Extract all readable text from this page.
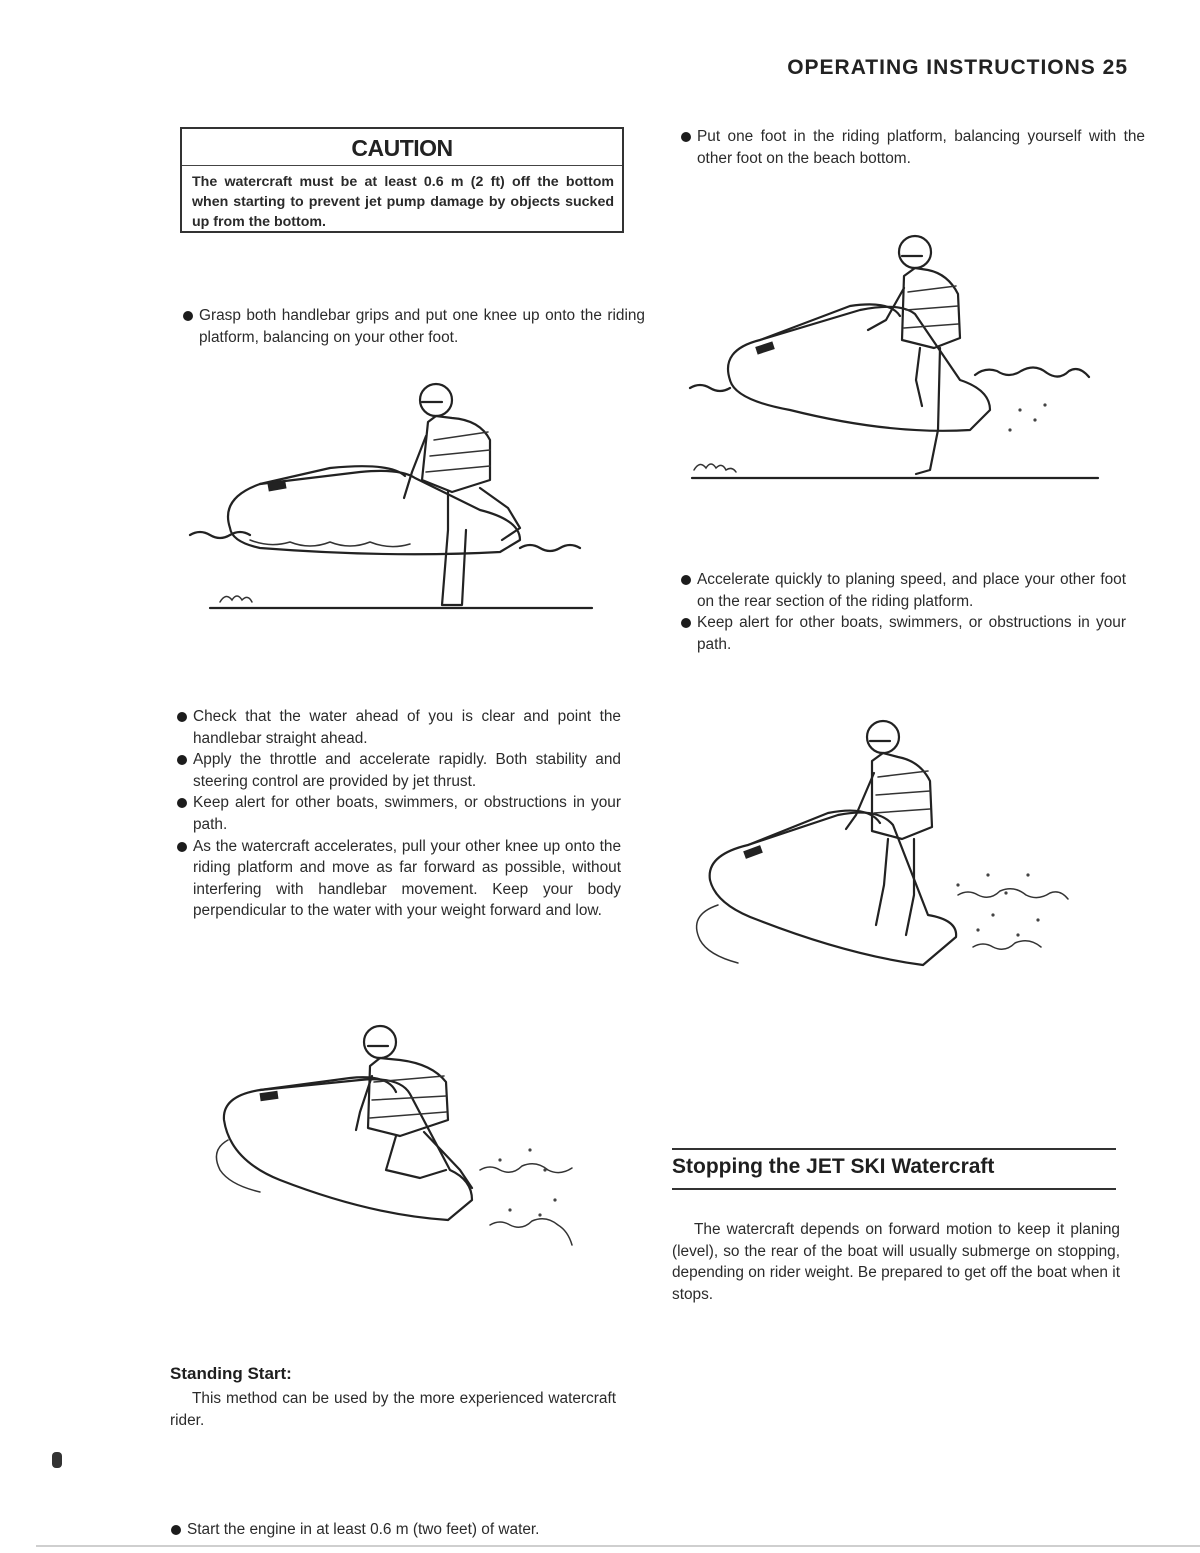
OPERATING INSTRUCTIONS 25
CAUTION
The watercraft must be at least 0.6 m (2 ft) off the bottom when starting to prevent jet pump damage by objects sucked up from the bottom.
Put one foot in the riding platform, balancing yourself with the other foot on the beach bottom.
Grasp both handlebar grips and put one knee up onto the riding platform, balancing on your other foot.
Accelerate quickly to planing speed, and place your other foot on the rear section of the riding platform.
Keep alert for other boats, swimmers, or obstructions in your path.
Check that the water ahead of you is clear and point the handlebar straight ahead.
Apply the throttle and accelerate rapidly. Both stability and steering control are provided by jet thrust.
Keep alert for other boats, swimmers, or obstructions in your path.
As the watercraft accelerates, pull your other knee up onto the riding platform and move as far forward as possible, without interfering with handlebar movement. Keep your body perpendicular to the water with your weight forward and low.
Stopping the JET SKI Watercraft
The watercraft depends on forward motion to keep it planing (level), so the rear of the boat will usually submerge on stopping, depending on rider weight. Be prepared to get off the boat when it stops.
Standing Start:
This method can be used by the more experienced watercraft rider.
Start the engine in at least 0.6 m (two feet) of water.
